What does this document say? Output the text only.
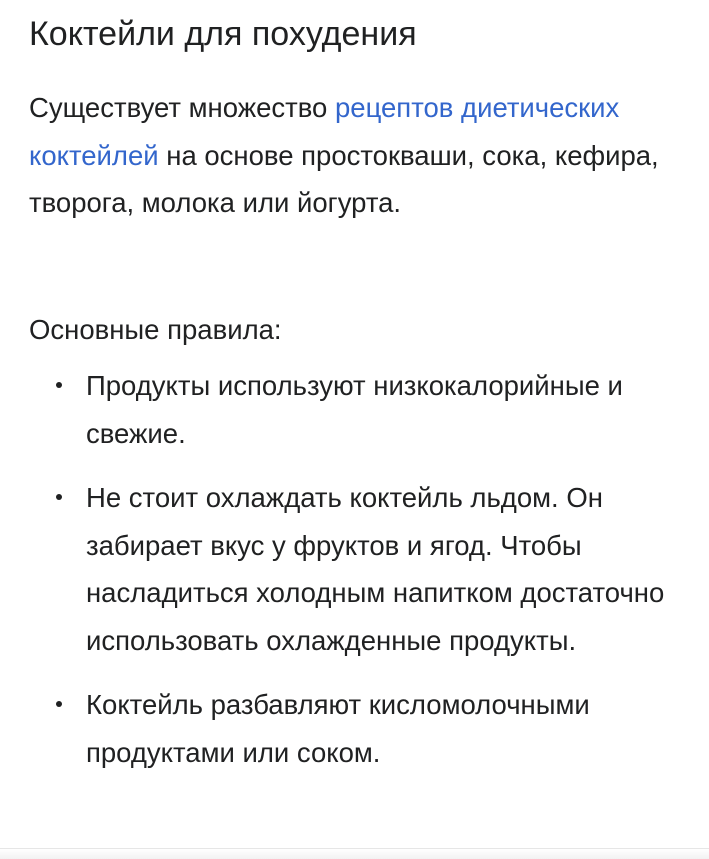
Коктейли для похудения

Существует множество рецептов диетических коктейлей на основе простокваши, сока, кефира, творога, молока или йогурта.

Основные правила:

Продукты используют низкокалорийные и свежие.
Не стоит охлаждать коктейль льдом. Он забирает вкус у фруктов и ягод. Чтобы насладиться холодным напитком достаточно использовать охлажденные продукты.
Коктейль разбавляют кисломолочными продуктами или соком.
